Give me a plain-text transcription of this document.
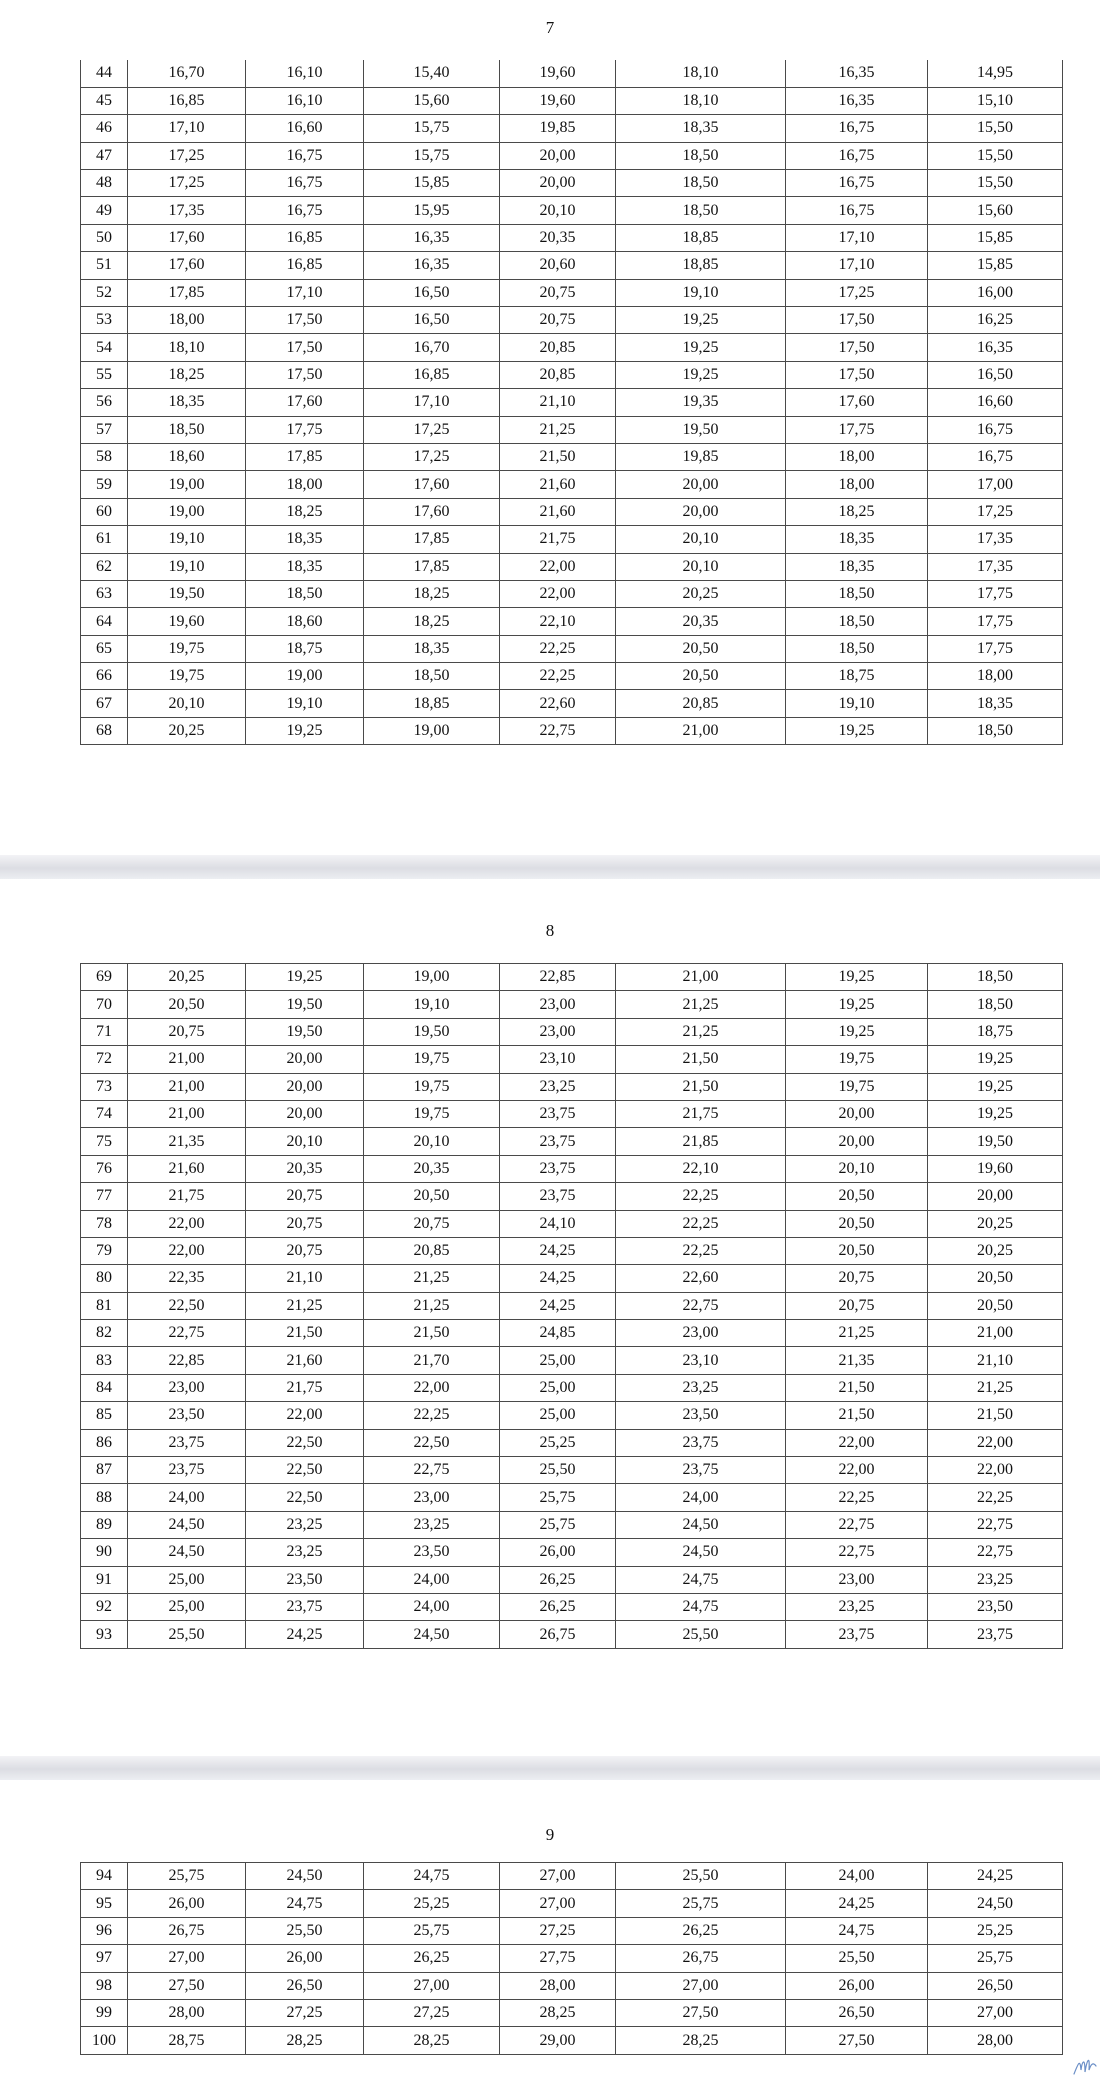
7
44	16,70	16,10	15,40	19,60	18,10	16,35	14,95
45	16,85	16,10	15,60	19,60	18,10	16,35	15,10
46	17,10	16,60	15,75	19,85	18,35	16,75	15,50
47	17,25	16,75	15,75	20,00	18,50	16,75	15,50
48	17,25	16,75	15,85	20,00	18,50	16,75	15,50
49	17,35	16,75	15,95	20,10	18,50	16,75	15,60
50	17,60	16,85	16,35	20,35	18,85	17,10	15,85
51	17,60	16,85	16,35	20,60	18,85	17,10	15,85
52	17,85	17,10	16,50	20,75	19,10	17,25	16,00
53	18,00	17,50	16,50	20,75	19,25	17,50	16,25
54	18,10	17,50	16,70	20,85	19,25	17,50	16,35
55	18,25	17,50	16,85	20,85	19,25	17,50	16,50
56	18,35	17,60	17,10	21,10	19,35	17,60	16,60
57	18,50	17,75	17,25	21,25	19,50	17,75	16,75
58	18,60	17,85	17,25	21,50	19,85	18,00	16,75
59	19,00	18,00	17,60	21,60	20,00	18,00	17,00
60	19,00	18,25	17,60	21,60	20,00	18,25	17,25
61	19,10	18,35	17,85	21,75	20,10	18,35	17,35
62	19,10	18,35	17,85	22,00	20,10	18,35	17,35
63	19,50	18,50	18,25	22,00	20,25	18,50	17,75
64	19,60	18,60	18,25	22,10	20,35	18,50	17,75
65	19,75	18,75	18,35	22,25	20,50	18,50	17,75
66	19,75	19,00	18,50	22,25	20,50	18,75	18,00
67	20,10	19,10	18,85	22,60	20,85	19,10	18,35
68	20,25	19,25	19,00	22,75	21,00	19,25	18,50
8
69	20,25	19,25	19,00	22,85	21,00	19,25	18,50
70	20,50	19,50	19,10	23,00	21,25	19,25	18,50
71	20,75	19,50	19,50	23,00	21,25	19,25	18,75
72	21,00	20,00	19,75	23,10	21,50	19,75	19,25
73	21,00	20,00	19,75	23,25	21,50	19,75	19,25
74	21,00	20,00	19,75	23,75	21,75	20,00	19,25
75	21,35	20,10	20,10	23,75	21,85	20,00	19,50
76	21,60	20,35	20,35	23,75	22,10	20,10	19,60
77	21,75	20,75	20,50	23,75	22,25	20,50	20,00
78	22,00	20,75	20,75	24,10	22,25	20,50	20,25
79	22,00	20,75	20,85	24,25	22,25	20,50	20,25
80	22,35	21,10	21,25	24,25	22,60	20,75	20,50
81	22,50	21,25	21,25	24,25	22,75	20,75	20,50
82	22,75	21,50	21,50	24,85	23,00	21,25	21,00
83	22,85	21,60	21,70	25,00	23,10	21,35	21,10
84	23,00	21,75	22,00	25,00	23,25	21,50	21,25
85	23,50	22,00	22,25	25,00	23,50	21,50	21,50
86	23,75	22,50	22,50	25,25	23,75	22,00	22,00
87	23,75	22,50	22,75	25,50	23,75	22,00	22,00
88	24,00	22,50	23,00	25,75	24,00	22,25	22,25
89	24,50	23,25	23,25	25,75	24,50	22,75	22,75
90	24,50	23,25	23,50	26,00	24,50	22,75	22,75
91	25,00	23,50	24,00	26,25	24,75	23,00	23,25
92	25,00	23,75	24,00	26,25	24,75	23,25	23,50
93	25,50	24,25	24,50	26,75	25,50	23,75	23,75
9
94	25,75	24,50	24,75	27,00	25,50	24,00	24,25
95	26,00	24,75	25,25	27,00	25,75	24,25	24,50
96	26,75	25,50	25,75	27,25	26,25	24,75	25,25
97	27,00	26,00	26,25	27,75	26,75	25,50	25,75
98	27,50	26,50	27,00	28,00	27,00	26,00	26,50
99	28,00	27,25	27,25	28,25	27,50	26,50	27,00
100	28,75	28,25	28,25	29,00	28,25	27,50	28,00
